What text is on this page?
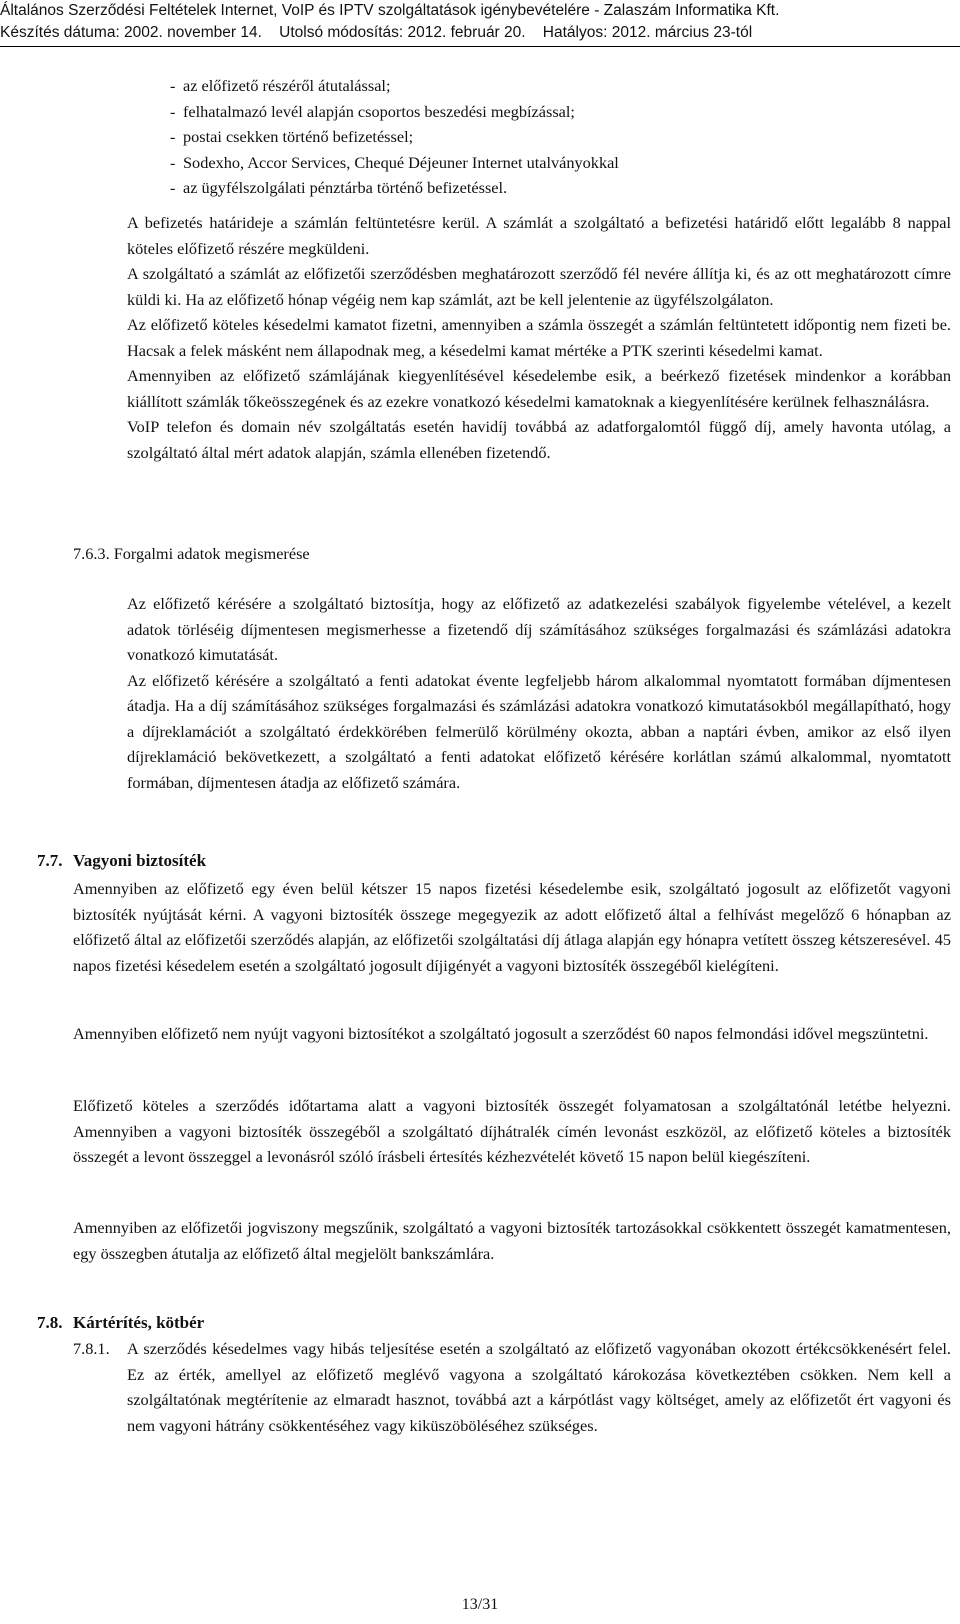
Általános Szerződési Feltételek Internet, VoIP és IPTV szolgáltatások igénybevételére - Zalaszám Informatika Kft.
Készítés dátuma: 2002. november 14.    Utolsó módosítás: 2012. február 20.    Hatályos: 2012. március 23-tól
- az előfizető részéről átutalással;
- felhatalmazó levél alapján csoportos beszedési megbízással;
- postai csekken történő befizetéssel;
- Sodexho, Accor Services, Chequé Déjeuner Internet utalványokkal
- az ügyfélszolgálati pénztárba történő befizetéssel.

A befizetés határideje a számlán feltüntetésre kerül. A számlát a szolgáltató a befizetési határidő előtt legalább 8 nappal köteles előfizető részére megküldeni.

A szolgáltató a számlát az előfizetői szerződésben meghatározott szerződő fél nevére állítja ki, és az ott meghatározott címre küldi ki. Ha az előfizető hónap végéig nem kap számlát, azt be kell jelentenie az ügyfélszolgálaton.

Az előfizető köteles késedelmi kamatot fizetni, amennyiben a számla összegét a számlán feltüntetett időpontig nem fizeti be. Hacsak a felek másként nem állapodnak meg, a késedelmi kamat mértéke a PTK szerinti késedelmi kamat.

Amennyiben az előfizető számlájának kiegyenlítésével késedelembe esik, a beérkező fizetések mindenkor a korábban kiállított számlák tőkeösszegének és az ezekre vonatkozó késedelmi kamatoknak a kiegyenlítésére kerülnek felhasználásra.

VoIP telefon és domain név szolgáltatás esetén havidíj továbbá az adatforgalomtól függő díj, amely havonta utólag, a szolgáltató által mért adatok alapján, számla ellenében fizetendő.

7.6.3. Forgalmi adatok megismerése

Az előfizető kérésére a szolgáltató biztosítja, hogy az előfizető az adatkezelési szabályok figyelembe vételével, a kezelt adatok törléséig díjmentesen megismerhesse a fizetendő díj számításához szükséges forgalmazási és számlázási adatokra vonatkozó kimutatását.

Az előfizető kérésére a szolgáltató a fenti adatokat évente legfeljebb három alkalommal nyomtatott formában díjmentesen átadja. Ha a díj számításához szükséges forgalmazási és számlázási adatokra vonatkozó kimutatásokból megállapítható, hogy a díjreklamációt a szolgáltató érdekkörében felmerülő körülmény okozta, abban a naptári évben, amikor az első ilyen díjreklamáció bekövetkezett, a szolgáltató a fenti adatokat előfizető kérésére korlátlan számú alkalommal, nyomtatott formában, díjmentesen átadja az előfizető számára.

7.7. Vagyoni biztosíték
Amennyiben az előfizető egy éven belül kétszer 15 napos fizetési késedelembe esik, szolgáltató jogosult az előfizetőt vagyoni biztosíték nyújtását kérni. A vagyoni biztosíték összege megegyezik az adott előfizető által a felhívást megelőző 6 hónapban az előfizető által az előfizetői szerződés alapján, az előfizetői szolgáltatási díj átlaga alapján egy hónapra vetített összeg kétszeresével. 45 napos fizetési késedelem esetén a szolgáltató jogosult díjigényét a vagyoni biztosíték összegéből kielégíteni.
Amennyiben előfizető nem nyújt vagyoni biztosítékot a szolgáltató jogosult a szerződést 60 napos felmondási idővel megszüntetni.
Előfizető köteles a szerződés időtartama alatt a vagyoni biztosíték összegét folyamatosan a szolgáltatónál letétbe helyezni. Amennyiben a vagyoni biztosíték összegéből a szolgáltató díjhátralék címén levonást eszközöl, az előfizető köteles a biztosíték összegét a levont összeggel a levonásról szóló írásbeli értesítés kézhezvételét követő 15 napon belül kiegészíteni.
Amennyiben az előfizetői jogviszony megszűnik, szolgáltató a vagyoni biztosíték tartozásokkal csökkentett összegét kamatmentesen, egy összegben átutalja az előfizető által megjelölt bankszámlára.
7.8. Kártérítés, kötbér
7.8.1. A szerződés késedelmes vagy hibás teljesítése esetén a szolgáltató az előfizető vagyonában okozott értékcsökkenésért felel. Ez az érték, amellyel az előfizető meglévő vagyona a szolgáltató károkozása következtében csökken. Nem kell a szolgáltatónak megtérítenie az elmaradt hasznot, továbbá azt a kárpótlást vagy költséget, amely az előfizetőt ért vagyoni és nem vagyoni hátrány csökkentéséhez vagy kiküszöböléséhez szükséges.
13/31
